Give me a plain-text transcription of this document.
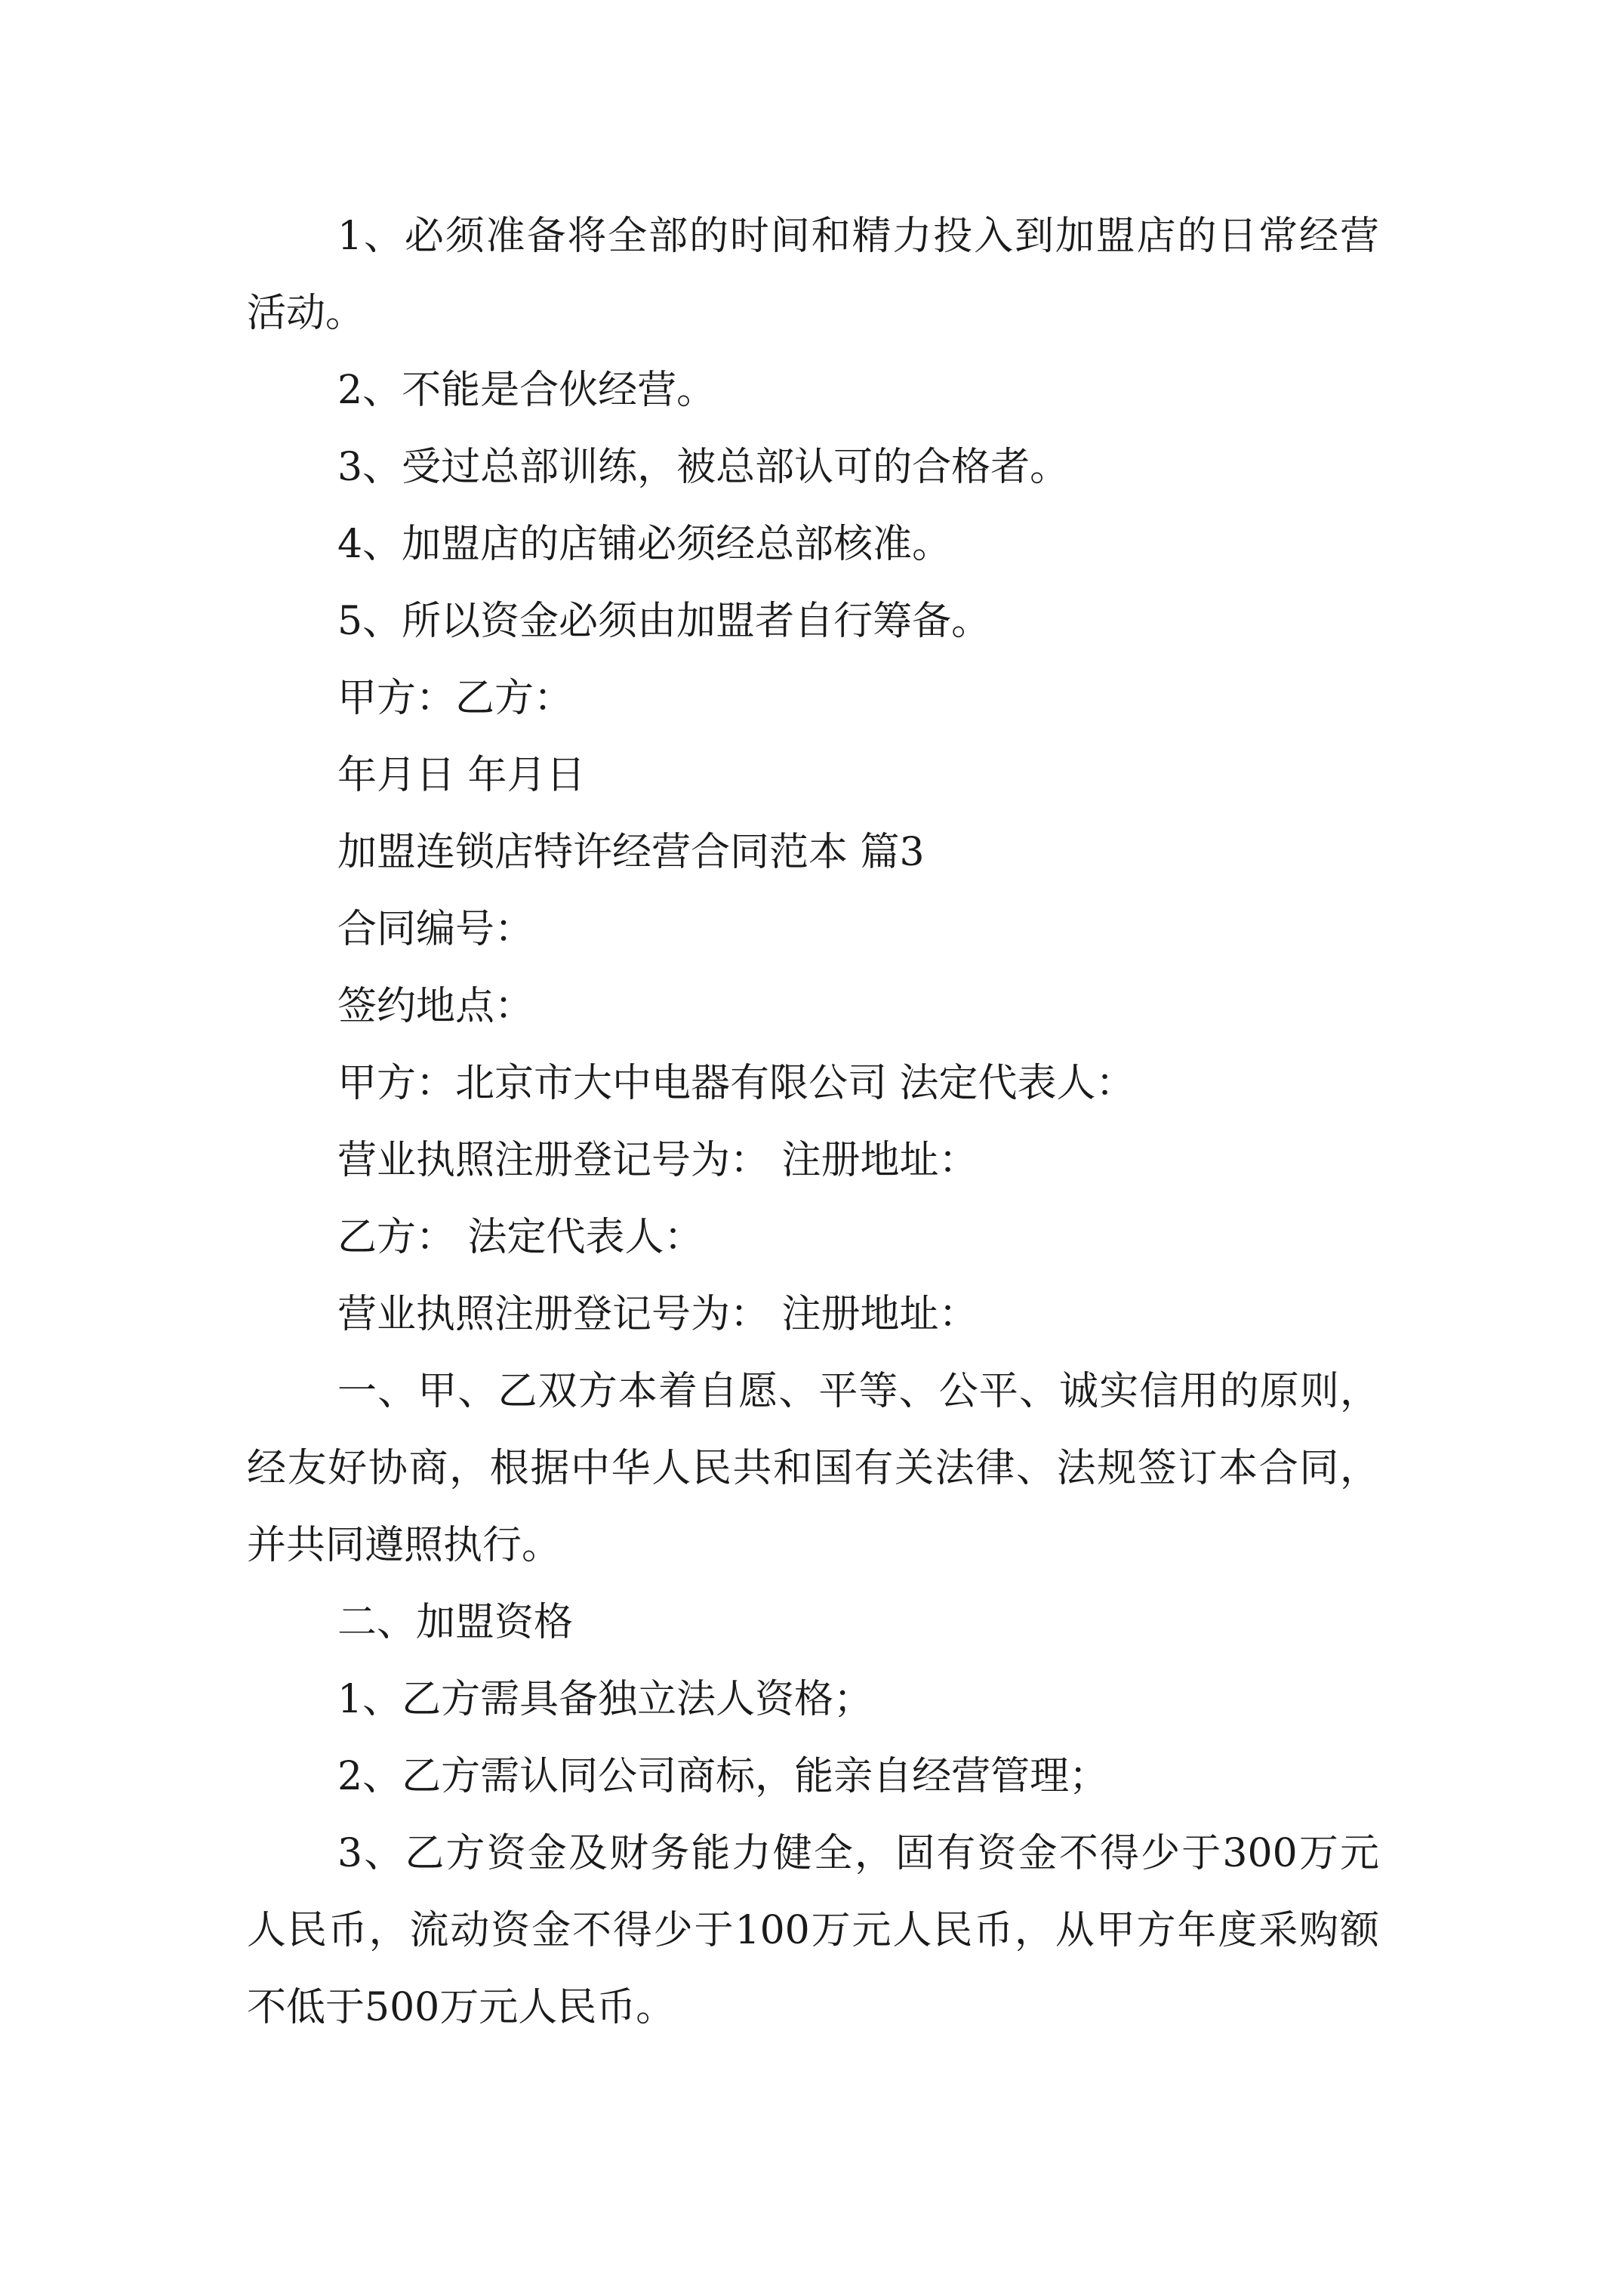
1、必须准备将全部的时间和精力投入到加盟店的日常经营活动。

2、不能是合伙经营。

3、受过总部训练，被总部认可的合格者。

4、加盟店的店铺必须经总部核准。

5、所以资金必须由加盟者自行筹备。

甲方：乙方：

年月日 年月日

加盟连锁店特许经营合同范本 篇3

合同编号：

签约地点：

甲方：北京市大中电器有限公司 法定代表人：

营业执照注册登记号为： 注册地址：

乙方： 法定代表人：

营业执照注册登记号为： 注册地址：

一、甲、乙双方本着自愿、平等、公平、诚实信用的原则，经友好协商，根据中华人民共和国有关法律、法规签订本合同，并共同遵照执行。

二、加盟资格

1、乙方需具备独立法人资格；

2、乙方需认同公司商标，能亲自经营管理；

3、乙方资金及财务能力健全，固有资金不得少于300万元人民币，流动资金不得少于100万元人民币，从甲方年度采购额不低于500万元人民币。
